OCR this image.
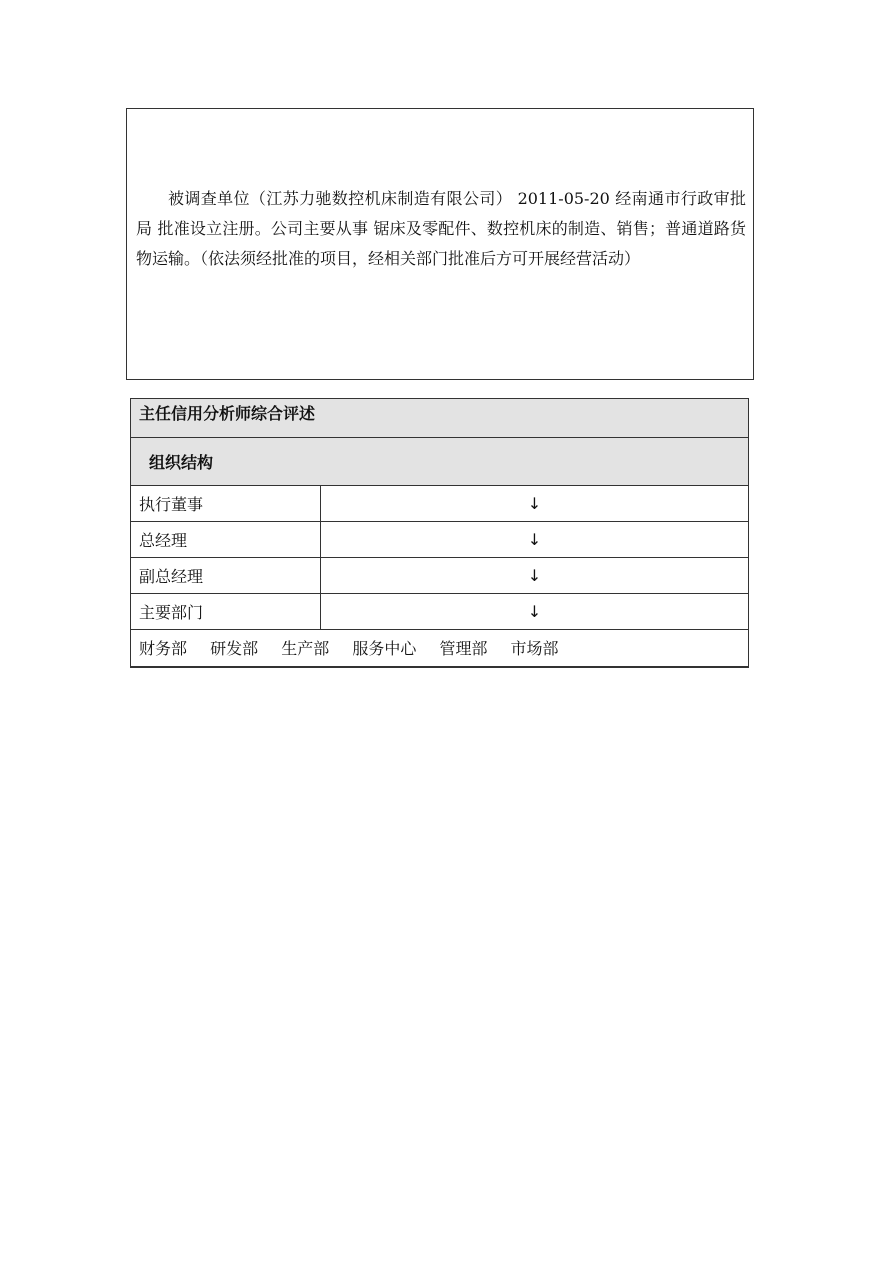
被调查单位（江苏力驰数控机床制造有限公司） 2011-05-20 经南通市行政审批局 批准设立注册。公司主要从事 锯床及零配件、数控机床的制造、销售；普通道路货物运输。（依法须经批准的项目，经相关部门批准后方可开展经营活动）

主任信用分析师综合评述	
组织结构	
执行董事	↓
总经理	↓
副总经理	↓
主要部门	↓
财务部 研发部 生产部 服务中心 管理部 市场部	
